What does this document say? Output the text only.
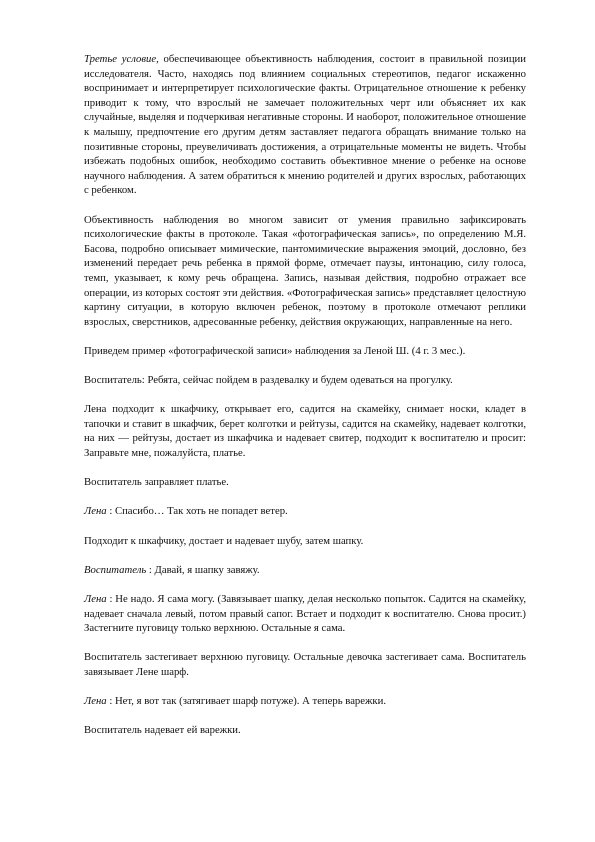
Третье условие, обеспечивающее объективность наблюдения, состоит в правильной позиции исследователя. Часто, находясь под влиянием социальных стереотипов, педагог искаженно воспринимает и интерпретирует психологические факты. Отрицательное отношение к ребенку приводит к тому, что взрослый не замечает положительных черт или объясняет их как случайные, выделяя и подчеркивая негативные стороны. И наоборот, положительное отношение к малышу, предпочтение его другим детям заставляет педагога обращать внимание только на позитивные стороны, преувеличивать достижения, а отрицательные моменты не видеть. Чтобы избежать подобных ошибок, необходимо составить объективное мнение о ребенке на основе научного наблюдения. А затем обратиться к мнению родителей и других взрослых, работающих с ребенком.

Объективность наблюдения во многом зависит от умения правильно зафиксировать психологические факты в протоколе. Такая «фотографическая запись», по определению М.Я. Басова, подробно описывает мимические, пантомимические выражения эмоций, дословно, без изменений передает речь ребенка в прямой форме, отмечает паузы, интонацию, силу голоса, темп, указывает, к кому речь обращена. Запись, называя действия, подробно отражает все операции, из которых состоят эти действия. «Фотографическая запись» представляет целостную картину ситуации, в которую включен ребенок, поэтому в протоколе отмечают реплики взрослых, сверстников, адресованные ребенку, действия окружающих, направленные на него.

Приведем пример «фотографической записи» наблюдения за Леной Ш. (4 г. 3 мес.).

Воспитатель: Ребята, сейчас пойдем в раздевалку и будем одеваться на прогулку.

Лена подходит к шкафчику, открывает его, садится на скамейку, снимает носки, кладет в тапочки и ставит в шкафчик, берет колготки и рейтузы, садится на скамейку, надевает колготки, на них — рейтузы, достает из шкафчика и надевает свитер, подходит к воспитателю и просит: Заправьте мне, пожалуйста, платье.

Воспитатель заправляет платье.

Лена : Спасибо… Так хоть не попадет ветер.

Подходит к шкафчику, достает и надевает шубу, затем шапку.

Воспитатель : Давай, я шапку завяжу.

Лена : Не надо. Я сама могу. (Завязывает шапку, делая несколько попыток. Садится на скамейку, надевает сначала левый, потом правый сапог. Встает и подходит к воспитателю. Снова просит.) Застегните пуговицу только верхнюю. Остальные я сама.

Воспитатель застегивает верхнюю пуговицу. Остальные девочка застегивает сама. Воспитатель завязывает Лене шарф.

Лена : Нет, я вот так (затягивает шарф потуже). А теперь варежки.

Воспитатель надевает ей варежки.
